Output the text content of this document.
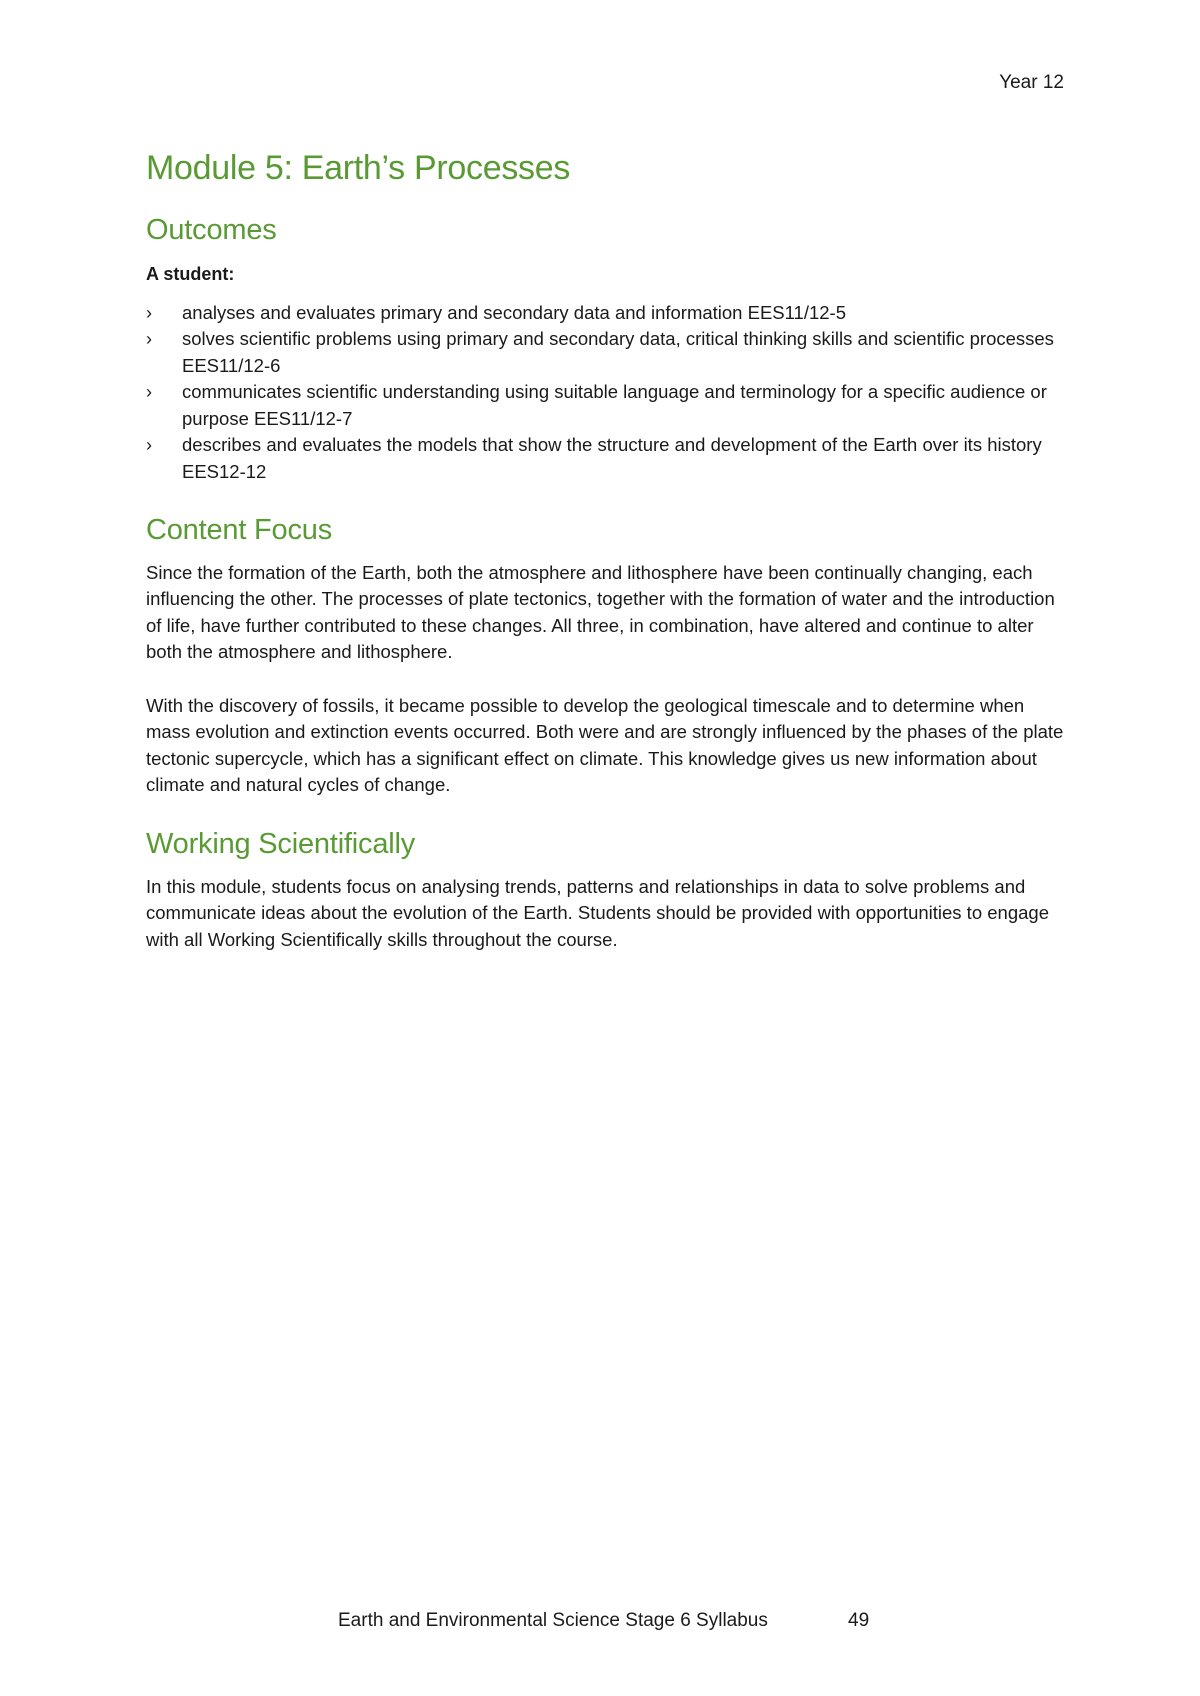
Year 12
Module 5: Earth’s Processes
Outcomes
A student:
› analyses and evaluates primary and secondary data and information EES11/12-5
› solves scientific problems using primary and secondary data, critical thinking skills and scientific processes EES11/12-6
› communicates scientific understanding using suitable language and terminology for a specific audience or purpose EES11/12-7
› describes and evaluates the models that show the structure and development of the Earth over its history EES12-12
Content Focus

Since the formation of the Earth, both the atmosphere and lithosphere have been continually changing, each influencing the other. The processes of plate tectonics, together with the formation of water and the introduction of life, have further contributed to these changes. All three, in combination, have altered and continue to alter both the atmosphere and lithosphere.

With the discovery of fossils, it became possible to develop the geological timescale and to determine when mass evolution and extinction events occurred. Both were and are strongly influenced by the phases of the plate tectonic supercycle, which has a significant effect on climate. This knowledge gives us new information about climate and natural cycles of change.

Working Scientifically

In this module, students focus on analysing trends, patterns and relationships in data to solve problems and communicate ideas about the evolution of the Earth. Students should be provided with opportunities to engage with all Working Scientifically skills throughout the course.

Earth and Environmental Science Stage 6 Syllabus	49
